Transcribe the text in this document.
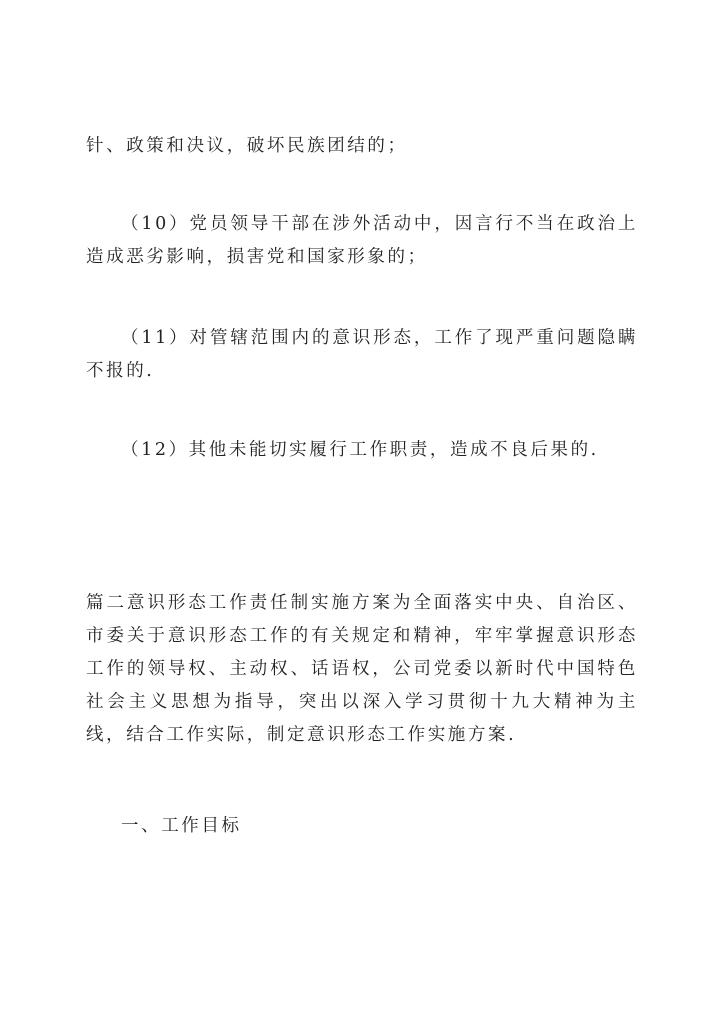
针、政策和决议，破坏民族团结的；

（10）党员领导干部在涉外活动中，因言行不当在政治上造成恶劣影响，损害党和国家形象的；

（11）对管辖范围内的意识形态，工作了现严重问题隐瞒不报的.

（12）其他未能切实履行工作职责，造成不良后果的.

篇二意识形态工作责任制实施方案为全面落实中央、自治区、市委关于意识形态工作的有关规定和精神，牢牢掌握意识形态工作的领导权、主动权、话语权，公司党委以新时代中国特色社会主义思想为指导，突出以深入学习贯彻十九大精神为主线，结合工作实际，制定意识形态工作实施方案.

一、工作目标
